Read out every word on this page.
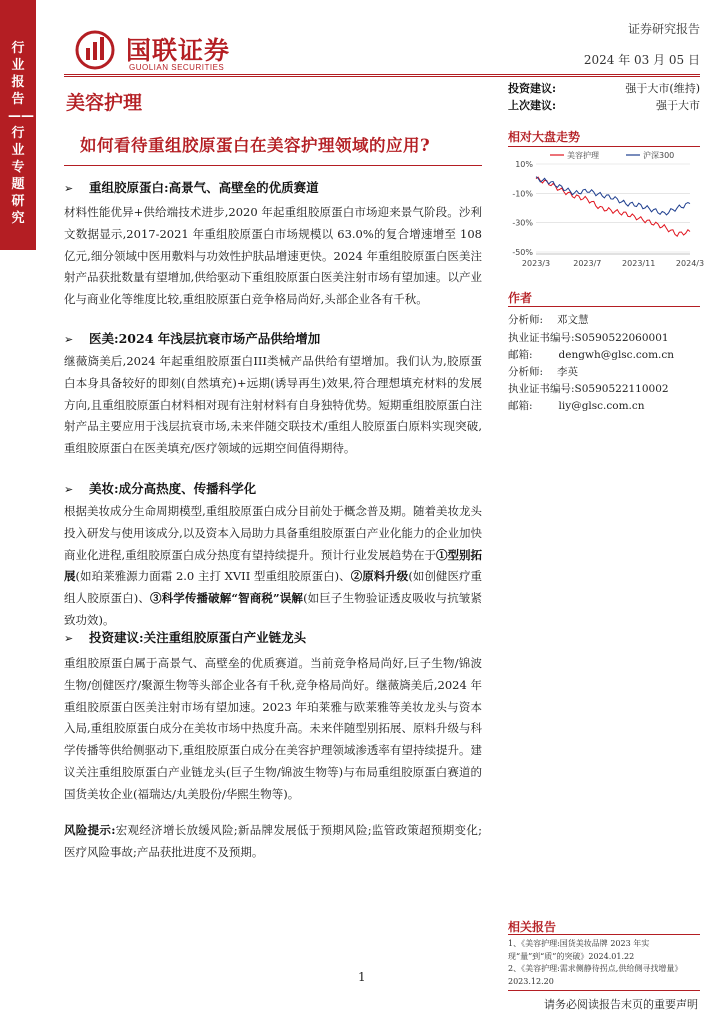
行业报告——行业专题研究
国联证券
GUOLIAN SECURITIES
证券研究报告
2024 年 03 月 05 日
美容护理
如何看待重组胶原蛋白在美容护理领域的应用?
➢ 重组胶原蛋白:高景气、高壁垒的优质赛道
材料性能优异+供给端技术进步,2020 年起重组胶原蛋白市场迎来景气阶段。沙利文数据显示,2017-2021 年重组胶原蛋白市场规模以 63.0%的复合增速增至 108 亿元,细分领域中医用敷料与功效性护肤品增速更快。2024 年重组胶原蛋白医美注射产品获批数量有望增加,供给驱动下重组胶原蛋白医美注射市场有望加速。以产业化与商业化等维度比较,重组胶原蛋白竞争格局尚好,头部企业各有千秋。
➢ 医美:2024 年浅层抗衰市场产品供给增加
继薇旖美后,2024 年起重组胶原蛋白III类械产品供给有望增加。我们认为,胶原蛋白本身具备较好的即刻(自然填充)+远期(诱导再生)效果,符合理想填充材料的发展方向,且重组胶原蛋白材料相对现有注射材料有自身独特优势。短期重组胶原蛋白注射产品主要应用于浅层抗衰市场,未来伴随交联技术/重组人胶原蛋白原料实现突破,重组胶原蛋白在医美填充/医疗领域的远期空间值得期待。
➢ 美妆:成分高热度、传播科学化
根据美妆成分生命周期模型,重组胶原蛋白成分目前处于概念普及期。随着美妆龙头投入研发与使用该成分,以及资本入局助力具备重组胶原蛋白产业化能力的企业加快商业化进程,重组胶原蛋白成分热度有望持续提升。预计行业发展趋势在于①型别拓展(如珀莱雅源力面霜 2.0 主打 XVII 型重组胶原蛋白)、②原料升级(如创健医疗重组人胶原蛋白)、③科学传播破解“智商税”误解(如巨子生物验证透皮吸收与抗皱紧致功效)。
➢ 投资建议:关注重组胶原蛋白产业链龙头
重组胶原蛋白属于高景气、高壁垒的优质赛道。当前竞争格局尚好,巨子生物/锦波生物/创健医疗/聚源生物等头部企业各有千秋,竞争格局尚好。继薇旖美后,2024 年重组胶原蛋白医美注射市场有望加速。2023 年珀莱雅与欧莱雅等美妆龙头与资本入局,重组胶原蛋白成分在美妆市场中热度升高。未来伴随型别拓展、原料升级与科学传播等供给侧驱动下,重组胶原蛋白成分在美容护理领域渗透率有望持续提升。建议关注重组胶原蛋白产业链龙头(巨子生物/锦波生物等)与布局重组胶原蛋白赛道的国货美妆企业(福瑞达/丸美股份/华熙生物等)。
风险提示:宏观经济增长放缓风险;新品牌发展低于预期风险;监管政策超预期变化;医疗风险事故;产品获批进度不及预期。
投资建议:	强于大市(维持)
上次建议:	强于大市
相对大盘走势
10%
-10%
-30%
-50%
2023/3	2023/7	2023/11	2024/3
美容护理	沪深300
作者
分析师: 邓文慧
执业证书编号:S0590522060001
邮箱: dengwh@glsc.com.cn
分析师: 李英
执业证书编号:S0590522110002
邮箱: liy@glsc.com.cn
相关报告
1、《美容护理:国货美妆品牌 2023 年实现“量”到“质”的突破》2024.01.22
2、《美容护理:需求侧静待拐点,供给侧寻找增量》2023.12.20
1
请务必阅读报告末页的重要声明
